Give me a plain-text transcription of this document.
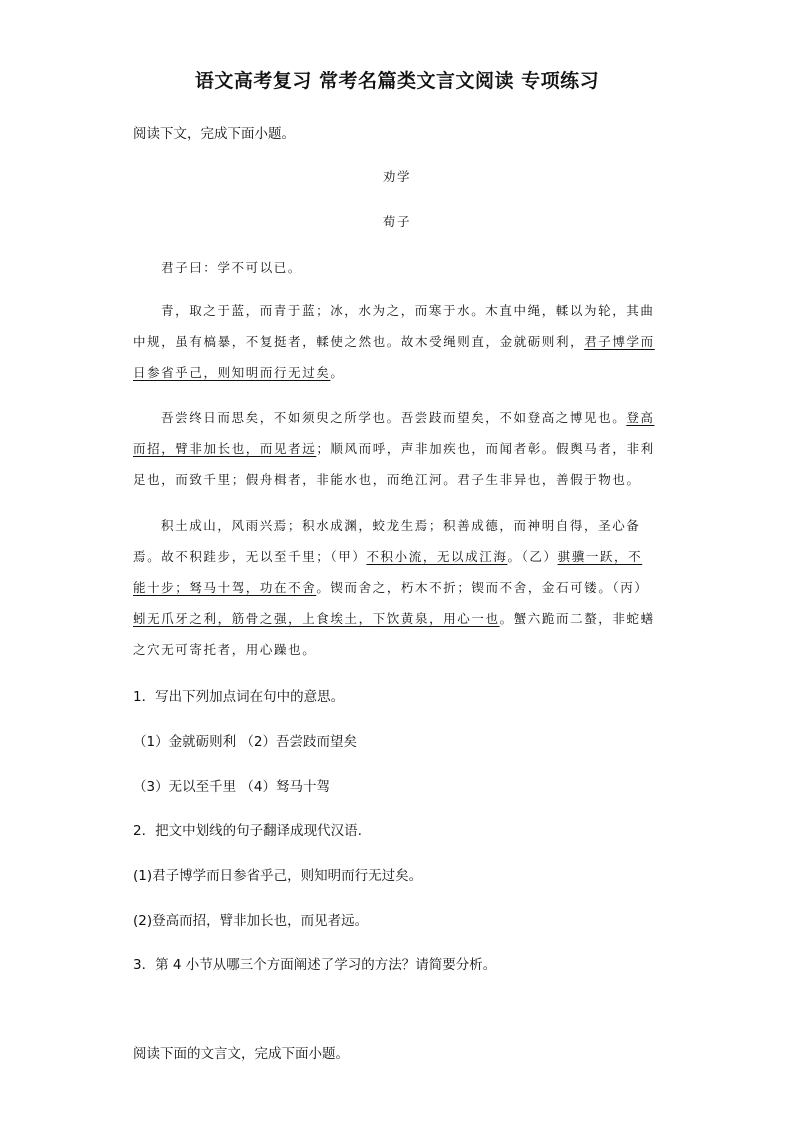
语文高考复习 常考名篇类文言文阅读 专项练习
阅读下文，完成下面小题。
劝学
荀子
君子曰：学不可以已。
青，取之于蓝，而青于蓝；冰，水为之，而寒于水。木直中绳，輮以为轮，其曲
中规，虽有槁暴，不复挺者，輮使之然也。故木受绳则直，金就砺则利，君子博学而
日参省乎己，则知明而行无过矣。
吾尝终日而思矣，不如须臾之所学也。吾尝跂而望矣，不如登高之博见也。登高
而招，臂非加长也，而见者远；顺风而呼，声非加疾也，而闻者彰。假舆马者，非利
足也，而致千里；假舟楫者，非能水也，而绝江河。君子生非异也，善假于物也。
积土成山，风雨兴焉；积水成渊，蛟龙生焉；积善成德，而神明自得，圣心备
焉。故不积跬步，无以至千里；（甲）不积小流，无以成江海。（乙）骐骥一跃，不
能十步；驽马十驾，功在不舍。锲而舍之，朽木不折；锲而不舍，金石可镂。（丙）
蚓无爪牙之利，筋骨之强，上食埃土，下饮黄泉，用心一也。蟹六跪而二螯，非蛇蟮
之穴无可寄托者，用心躁也。
1．写出下列加点词在句中的意思。
（1）金就砺则利 （2）吾尝跂而望矣
（3）无以至千里 （4）驽马十驾
2．把文中划线的句子翻译成现代汉语.
(1)君子博学而日参省乎己，则知明而行无过矣。
(2)登高而招，臂非加长也，而见者远。
3．第 4 小节从哪三个方面阐述了学习的方法？请简要分析。
阅读下面的文言文，完成下面小题。
